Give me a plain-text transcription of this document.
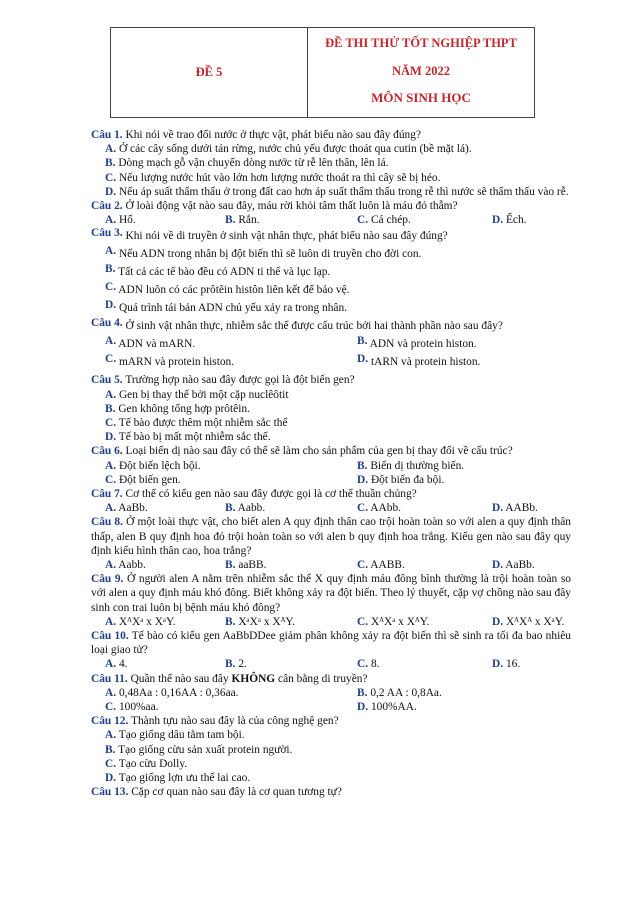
ĐỀ 5
ĐỀ THI THỬ TỐT NGHIỆP THPT
NĂM 2022
MÔN SINH HỌC
Câu 1. Khi nói về trao đổi nước ở thực vật, phát biểu nào sau đây đúng?
A. Ở các cây sống dưới tán rừng, nước chủ yếu được thoát qua cutin (bề mặt lá).
B. Dòng mạch gỗ vận chuyển dòng nước từ rễ lên thân, lên lá.
C. Nếu lượng nước hút vào lớn hơn lượng nước thoát ra thì cây sẽ bị héo.
D. Nếu áp suất thẩm thấu ở trong đất cao hơn áp suất thẩm thấu trong rễ thì nước sẽ thẩm thấu vào rễ.
Câu 2. Ở loài động vật nào sau đây, máu rời khỏi tâm thất luôn là máu đỏ thẫm?
A. Hổ.	B. Rắn.	C. Cá chép.	D. Ếch.
Câu 3. Khi nói về di truyền ở sinh vật nhân thực, phát biểu nào sau đây đúng?
A. Nếu ADN trong nhân bị đột biến thì sẽ luôn di truyền cho đời con.
B. Tất cả các tế bào đều có ADN ti thể và lục lạp.
C. ADN luôn có các prôtêin histôn liên kết để bảo vệ.
D. Quá trình tái bản ADN chủ yếu xảy ra trong nhân.
Câu 4. Ở sinh vật nhân thực, nhiễm sắc thể được cấu trúc bởi hai thành phần nào sau đây?
A. ADN và mARN.	B. ADN và protein histon.
C. mARN và protein histon.	D. tARN và protein histon.
Câu 5. Trường hợp nào sau đây được gọi là đột biến gen?
A. Gen bị thay thế bởi một cặp nuclêôtit
B. Gen không tổng hợp prôtêin.
C. Tế bào được thêm một nhiễm sắc thể
D. Tế bào bị mất một nhiễm sắc thể.
Câu 6. Loại biến dị nào sau đây có thể sẽ làm cho sản phẩm của gen bị thay đổi về cấu trúc?
A. Đột biến lệch bội.	B. Biến dị thường biến.
C. Đột biến gen.	D. Đột biến đa bội.
Câu 7. Cơ thể có kiểu gen nào sau đây được gọi là cơ thể thuần chủng?
A. AaBb.	B. Aabb.	C. AAbb.	D. AABb.
Câu 8. Ở một loài thực vật, cho biết alen A quy định thân cao trội hoàn toàn so với alen a quy định thân thấp, alen B quy định hoa đỏ trội hoàn toàn so với alen b quy định hoa trắng. Kiểu gen nào sau đây quy định kiểu hình thân cao, hoa trắng?
A. Aabb.	B. aaBB.	C. AABB.	D. AaBb.
Câu 9. Ở người alen A nằm trên nhiễm sắc thể X quy định máu đông bình thường là trội hoàn toàn so với alen a quy định máu khó đông. Biết không xảy ra đột biến. Theo lý thuyết, cặp vợ chồng nào sau đây sinh con trai luôn bị bệnh máu khó đông?
A. XᴬXᵃ x XᵃY.	B. XᵃXᵃ x XᴬY.	C. XᴬXᵃ x XᴬY.	D. XᴬXᴬ x XᵃY.
Câu 10. Tế bào có kiểu gen AaBbDDee giảm phân không xảy ra đột biến thì sẽ sinh ra tối đa bao nhiêu loại giao tử?
A. 4.	B. 2.	C. 8.	D. 16.
Câu 11. Quần thể nào sau đây KHÔNG cân bằng di truyền?
A. 0,48Aa : 0,16AA : 0,36aa.	B. 0,2 AA : 0,8Aa.
C. 100%aa.	D. 100%AA.
Câu 12. Thành tựu nào sau đây là của công nghệ gen?
A. Tạo giống dâu tằm tam bội.
B. Tạo giống cừu sản xuất protein người.
C. Tạo cừu Dolly.
D. Tạo giống lợn ưu thế lai cao.
Câu 13. Cặp cơ quan nào sau đây là cơ quan tương tự?
